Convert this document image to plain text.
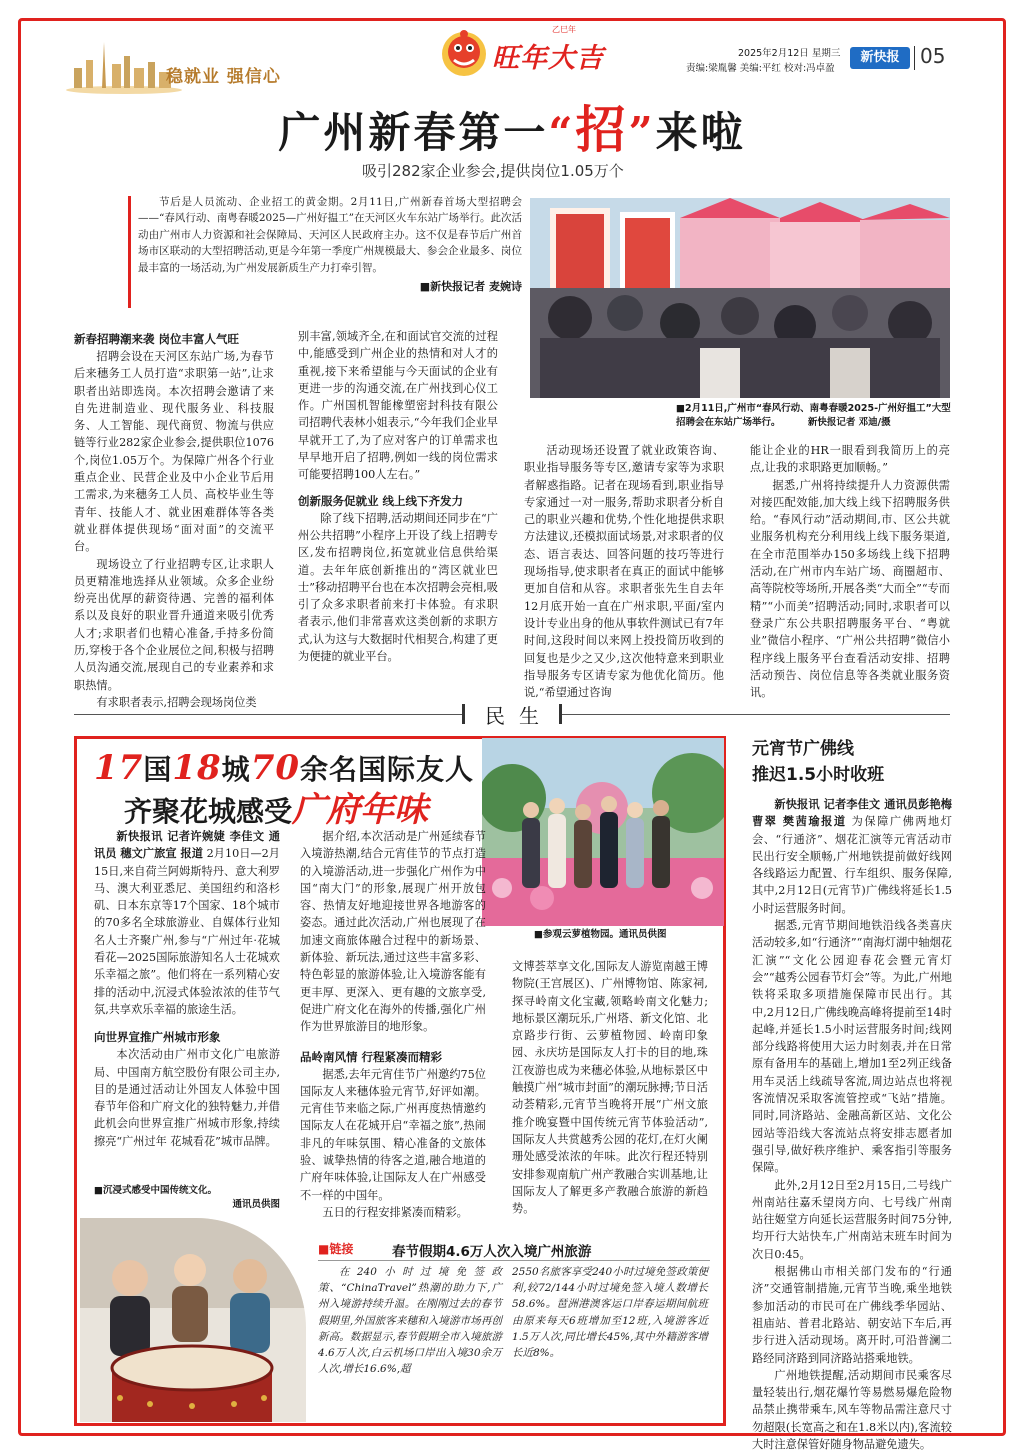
稳就业 强信心
乙巳年
旺年大吉	2025年2月12日 星期三
责编:梁胤馨 美编:平红 校对:冯卓盈
新快报	05
广州新春第一“招”来啦
吸引282家企业参会,提供岗位1.05万个

节后是人员流动、企业招工的黄金期。2月11日,广州新春首场大型招聘会——“春风行动、南粤春暖2025—广州好揾工”在天河区火车东站广场举行。此次活动由广州市人力资源和社会保障局、天河区人民政府主办。这不仅是春节后广州首场市区联动的大型招聘活动,更是今年第一季度广州规模最大、参会企业最多、岗位最丰富的一场活动,为广州发展新质生产力打牵引智。

■新快报记者 麦婉诗
■2月11日,广州市“春风行动、南粤春暖2025-广州好揾工”大型招聘会在东站广场举行。	新快报记者 邓迪/摄
新春招聘潮来袭 岗位丰富人气旺

招聘会设在天河区东站广场,为春节后来穗务工人员打造“求职第一站”,让求职者出站即选岗。本次招聘会邀请了来自先进制造业、现代服务业、科技服务、人工智能、现代商贸、物流与供应链等行业282家企业参会,提供职位1076个,岗位1.05万个。为保障广州各个行业重点企业、民营企业及中小企业节后用工需求,为来穗务工人员、高校毕业生等青年、技能人才、就业困难群体等各类就业群体提供现场“面对面”的交流平台。

现场设立了行业招聘专区,让求职人员更精准地选择从业领域。众多企业纷纷亮出优厚的薪资待遇、完善的福利体系以及良好的职业晋升通道来吸引优秀人才;求职者们也精心准备,手持多份简历,穿梭于各个企业展位之间,积极与招聘人员沟通交流,展现自己的专业素养和求职热情。

有求职者表示,招聘会现场岗位类

别丰富,领域齐全,在和面试官交流的过程中,能感受到广州企业的热情和对人才的重视,接下来希望能与今天面试的企业有更进一步的沟通交流,在广州找到心仪工作。广州国机智能橡塑密封科技有限公司招聘代表林小姐表示,“今年我们企业早早就开工了,为了应对客户的订单需求也早早地开启了招聘,例如一线的岗位需求可能要招聘100人左右。”

创新服务促就业 线上线下齐发力

除了线下招聘,活动期间还同步在“广州公共招聘”小程序上开设了线上招聘专区,发布招聘岗位,拓宽就业信息供给渠道。去年年底创新推出的“湾区就业巴士”移动招聘平台也在本次招聘会亮相,吸引了众多求职者前来打卡体验。有求职者表示,他们非常喜欢这类创新的求职方式,认为这与大数据时代相契合,构建了更为便捷的就业平台。

活动现场还设置了就业政策咨询、职业指导服务等专区,邀请专家等为求职者解惑指路。记者在现场看到,职业指导专家通过一对一服务,帮助求职者分析自己的职业兴趣和优势,个性化地提供求职方法建议,还模拟面试场景,对求职者的仪态、语言表达、回答问题的技巧等进行现场指导,使求职者在真正的面试中能够更加自信和从容。求职者张先生自去年12月底开始一直在广州求职,平面/室内设计专业出身的他从事软件测试已有7年时间,这段时间以来网上投投简历收到的回复也是少之又少,这次他特意来到职业指导服务专区请专家为他优化简历。他说,“希望通过咨询

能让企业的HR一眼看到我简历上的亮点,让我的求职路更加顺畅。”

据悉,广州将持续提升人力资源供需对接匹配效能,加大线上线下招聘服务供给。“春风行动”活动期间,市、区公共就业服务机构充分利用线上线下服务渠道,在全市范围举办150多场线上线下招聘活动,在广州市内车站广场、商圈超市、高等院校等场所,开展各类“大而全”“专而精”“小而美”招聘活动;同时,求职者可以登录广东公共职招聘服务平台、“粤就业”微信小程序、“广州公共招聘”微信小程序线上服务平台查看活动安排、招聘活动预告、岗位信息等各类就业服务资讯。

民生
17国18城70余名国际友人
齐聚花城感受广府年味
■参观云萝植物园。通讯员供图

新快报讯 记者许婉婕 李佳文 通讯员 穗文广旅宣 报道 2月10日—2月15日,来自荷兰阿姆斯特丹、意大利罗马、澳大利亚悉尼、美国纽约和洛杉矶、日本东京等17个国家、18个城市的70多名全球旅游业、自媒体行业知名人士齐聚广州,参与“广州过年·花城看花—2025国际旅游知名人士花城欢乐幸福之旅”。他们将在一系列精心安排的活动中,沉浸式体验浓浓的佳节气氛,共享欢乐幸福的旅途生活。

向世界宣推广州城市形象

本次活动由广州市文化广电旅游局、中国南方航空股份有限公司主办,目的是通过活动让外国友人体验中国春节年俗和广府文化的独特魅力,并借此机会向世界宣推广州城市形象,持续擦亮“广州过年 花城看花”城市品牌。

据介绍,本次活动是广州延续春节入境游热潮,结合元宵佳节的节点打造的入境游活动,进一步强化广州作为中国“南大门”的形象,展现广州开放包容、热情友好地迎接世界各地游客的姿态。通过此次活动,广州也展现了在加速文商旅体融合过程中的新场景、新体验、新玩法,通过这些丰富多彩、特色彰显的旅游体验,让入境游客能有更丰厚、更深入、更有趣的文旅享受,促进广府文化在海外的传播,强化广州作为世界旅游目的地形象。

品岭南风情 行程紧凑而精彩

据悉,去年元宵佳节广州邀约75位国际友人来穗体验元宵节,好评如潮。元宵佳节来临之际,广州再度热情邀约国际友人在花城开启“幸福之旅”,热闹非凡的年味氛围、精心准备的文旅体验、诚挚热情的待客之道,融合地道的广府年味体验,让国际友人在广州感受不一样的中国年。

五日的行程安排紧凑而精彩。

文博荟萃享文化,国际友人游览南越王博物院(王宫展区)、广州博物馆、陈家祠,探寻岭南文化宝藏,领略岭南文化魅力;地标景区潮玩乐,广州塔、新文化馆、北京路步行街、云萝植物园、岭南印象园、永庆坊是国际友人打卡的目的地,珠江夜游也成为来穗必体验,从地标景区中触摸广州“城市封面”的潮玩脉搏;节日活动荟精彩,元宵节当晚将开展“广州文旅推介晚宴暨中国传统元宵节体验活动”,国际友人共赏越秀公园的花灯,在灯火阑珊处感受浓浓的年味。此次行程还特别安排参观南航广州产教融合实训基地,让国际友人了解更多产教融合旅游的新趋势。

■沉浸式感受中国传统文化。
通讯员供图
■链接	春节假期4.6万人次入境广州旅游

在240小时过境免签政策、“ChinaTravel”热潮的助力下,广州入境游持续升温。在刚刚过去的春节假期里,外国旅客来穗和入境游市场再创新高。数据显示,春节假期全市入境旅游4.6万人次,白云机场口岸出入境30余万人次,增长16.6%,超

2550名旅客享受240小时过境免签政策便利,较72/144小时过境免签入境人数增长58.6%。琶洲港澳客运口岸春运期间航班由原来每天6班增加至12班,入境游客近1.5万人次,同比增长45%,其中外籍游客增长近8%。

元宵节广佛线
推迟1.5小时收班

新快报讯 记者李佳文 通讯员彭艳梅 曹翠 樊茜瑜报道 为保障广佛两地灯会、“行通济”、烟花汇演等元宵活动市民出行安全顺畅,广州地铁提前做好线网各线路运力配置、行车组织、服务保障,其中,2月12日(元宵节)广佛线将延长1.5小时运营服务时间。

据悉,元宵节期间地铁沿线各类喜庆活动较多,如“行通济”“南海灯湖中轴烟花汇演”“文化公园迎春花会暨元宵灯会”“越秀公园春节灯会”等。为此,广州地铁将采取多项措施保障市民出行。其中,2月12日,广佛线晚高峰将提前至14时起峰,并延长1.5小时运营服务时间;线网部分线路将使用大运力时刻表,并在日常原有备用车的基础上,增加1至2列正线备用车灵活上线疏导客流,周边站点也将视客流情况采取客流管控或“飞站”措施。同时,同济路站、金融高新区站、文化公园站等沿线大客流站点将安排志愿者加强引导,做好秩序维护、乘客指引等服务保障。

此外,2月12日至2月15日,二号线广州南站往嘉禾望岗方向、七号线广州南站往姬堂方向延长运营服务时间75分钟,均开行大站快车,广州南站末班车时间为次日0:45。

根据佛山市相关部门发布的“行通济”交通管制措施,元宵节当晚,乘坐地铁参加活动的市民可在广佛线季华园站、祖庙站、普君北路站、朝安站下车后,再步行进入活动现场。离开时,可沿普澜二路经同济路到同济路站搭乘地铁。

广州地铁提醒,活动期间市民乘客尽量轻装出行,烟花爆竹等易燃易爆危险物品禁止携带乘车,风车等物品需注意尺寸勿超限(长宽高之和在1.8米以内),客流较大时注意保管好随身物品避免遗失。
